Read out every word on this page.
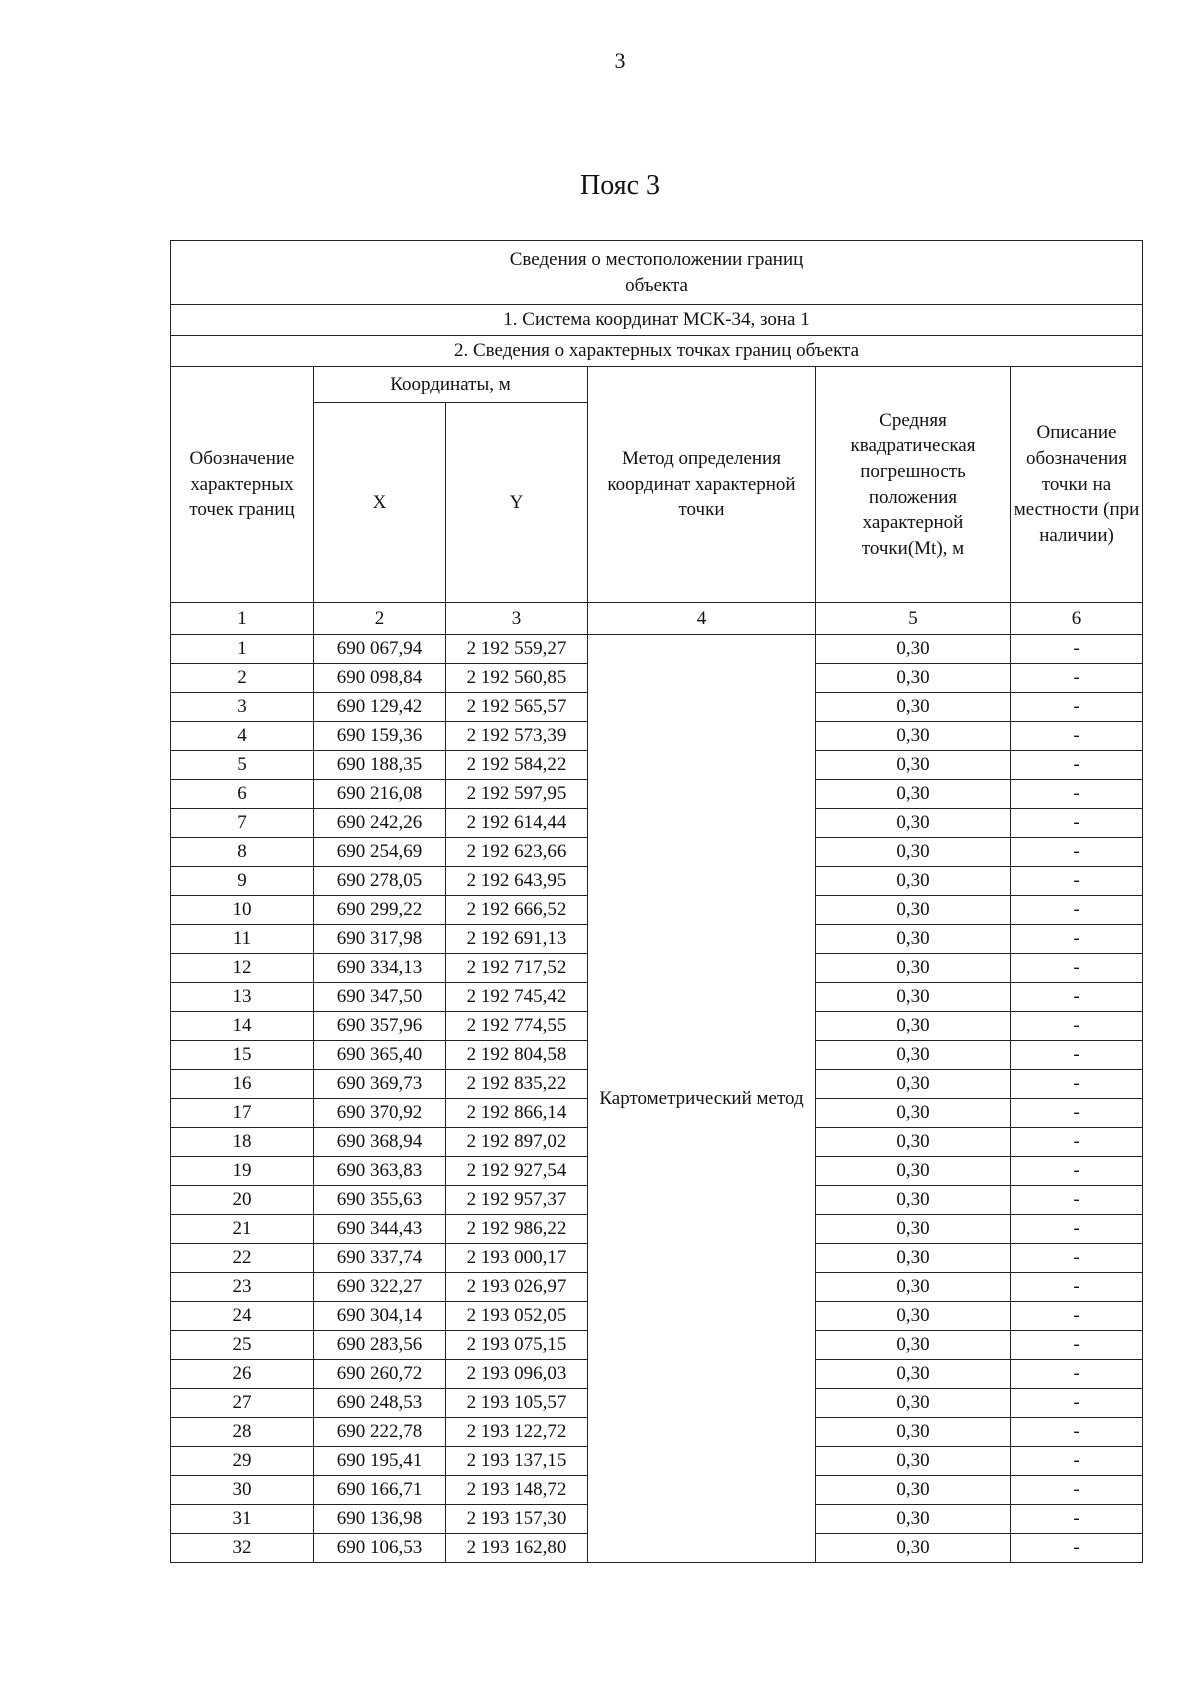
3
Пояс 3
Сведения о местоположении границ
объекта					
1. Система координат МСК-34, зона 1					
2. Сведения о характерных точках границ объекта					
Обозначение характерных точек границ	Координаты, м		Метод определения координат характерной точки	Средняя квадратическая погрешность положения характерной точки(Mt), м	Описание обозначения точки на местности (при наличии)
	X	Y			
1	2	3	4	5	6
1	690 067,94	2 192 559,27	Картометрический метод	0,30	-
2	690 098,84	2 192 560,85		0,30	-
3	690 129,42	2 192 565,57		0,30	-
4	690 159,36	2 192 573,39		0,30	-
5	690 188,35	2 192 584,22		0,30	-
6	690 216,08	2 192 597,95		0,30	-
7	690 242,26	2 192 614,44		0,30	-
8	690 254,69	2 192 623,66		0,30	-
9	690 278,05	2 192 643,95		0,30	-
10	690 299,22	2 192 666,52		0,30	-
11	690 317,98	2 192 691,13		0,30	-
12	690 334,13	2 192 717,52		0,30	-
13	690 347,50	2 192 745,42		0,30	-
14	690 357,96	2 192 774,55		0,30	-
15	690 365,40	2 192 804,58		0,30	-
16	690 369,73	2 192 835,22		0,30	-
17	690 370,92	2 192 866,14		0,30	-
18	690 368,94	2 192 897,02		0,30	-
19	690 363,83	2 192 927,54		0,30	-
20	690 355,63	2 192 957,37		0,30	-
21	690 344,43	2 192 986,22		0,30	-
22	690 337,74	2 193 000,17		0,30	-
23	690 322,27	2 193 026,97		0,30	-
24	690 304,14	2 193 052,05		0,30	-
25	690 283,56	2 193 075,15		0,30	-
26	690 260,72	2 193 096,03		0,30	-
27	690 248,53	2 193 105,57		0,30	-
28	690 222,78	2 193 122,72		0,30	-
29	690 195,41	2 193 137,15		0,30	-
30	690 166,71	2 193 148,72		0,30	-
31	690 136,98	2 193 157,30		0,30	-
32	690 106,53	2 193 162,80		0,30	-
